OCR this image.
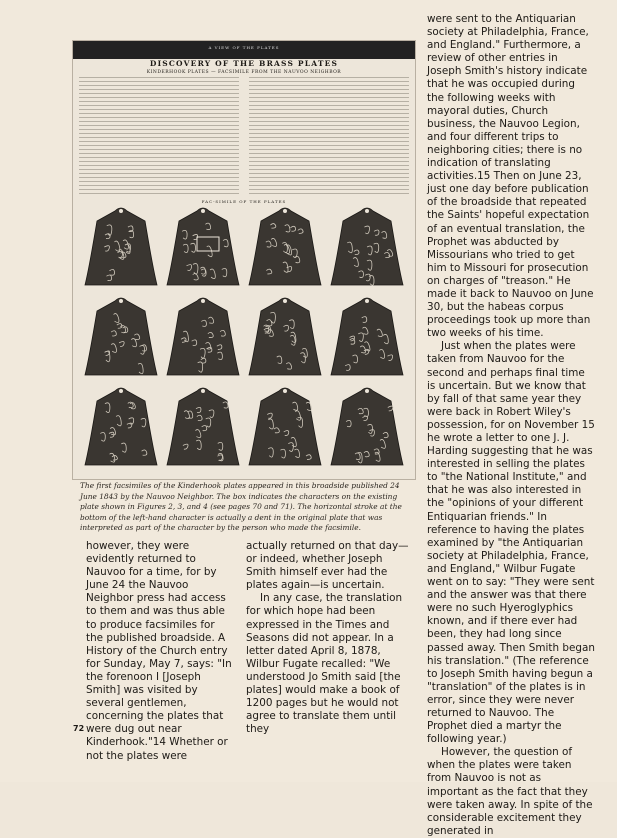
A VIEW OF THE PLATES
DISCOVERY OF THE BRASS PLATES
KINDERHOOK PLATES — FACSIMILE FROM THE NAUVOO NEIGHBOR
FAC-SIMILE OF THE PLATES
The first facsimiles of the Kinderhook plates appeared in this broadside published 24 June 1843 by the Nauvoo Neighbor. The box indicates the characters on the existing plate shown in Figures 2, 3, and 4 (see pages 70 and 71). The horizontal stroke at the bottom of the left-hand character is actually a dent in the original plate that was interpreted as part of the character by the person who made the facsimile.

however, they were evidently returned to Nauvoo for a time, for by June 24 the Nauvoo Neighbor press had access to them and was thus able to produce facsimiles for the published broadside. A History of the Church entry for Sunday, May 7, says: "In the forenoon I [Joseph Smith] was visited by several gentlemen, concerning the plates that were dug out near Kinderhook."14 Whether or not the plates were

actually returned on that day—or indeed, whether Joseph Smith himself ever had the plates again—is uncertain.

In any case, the translation for which hope had been expressed in the Times and Seasons did not appear. In a letter dated April 8, 1878, Wilbur Fugate recalled: "We understood Jo Smith said [the plates] would make a book of 1200 pages but he would not agree to translate them until they

were sent to the Antiquarian society at Philadelphia, France, and England." Furthermore, a review of other entries in Joseph Smith's history indicate that he was occupied during the following weeks with mayoral duties, Church business, the Nauvoo Legion, and four different trips to neighboring cities; there is no indication of translating activities.15 Then on June 23, just one day before publication of the broadside that repeated the Saints' hopeful expectation of an eventual translation, the Prophet was abducted by Missourians who tried to get him to Missouri for prosecution on charges of "treason." He made it back to Nauvoo on June 30, but the habeas corpus proceedings took up more than two weeks of his time.

Just when the plates were taken from Nauvoo for the second and perhaps final time is uncertain. But we know that by fall of that same year they were back in Robert Wiley's possession, for on November 15 he wrote a letter to one J. J. Harding suggesting that he was interested in selling the plates to "the National Institute," and that he was also interested in the "opinions of your different Entiquarian friends." In reference to having the plates examined by "the Antiquarian society at Philadelphia, France, and England," Wilbur Fugate went on to say: "They were sent and the answer was that there were no such Hyeroglyphics known, and if there ever had been, they had long since passed away. Then Smith began his translation." (The reference to Joseph Smith having begun a "translation" of the plates is in error, since they were never returned to Nauvoo. The Prophet died a martyr the following year.)

However, the question of when the plates were taken from Nauvoo is not as important as the fact that they were taken away. In spite of the considerable excitement they generated in

72
